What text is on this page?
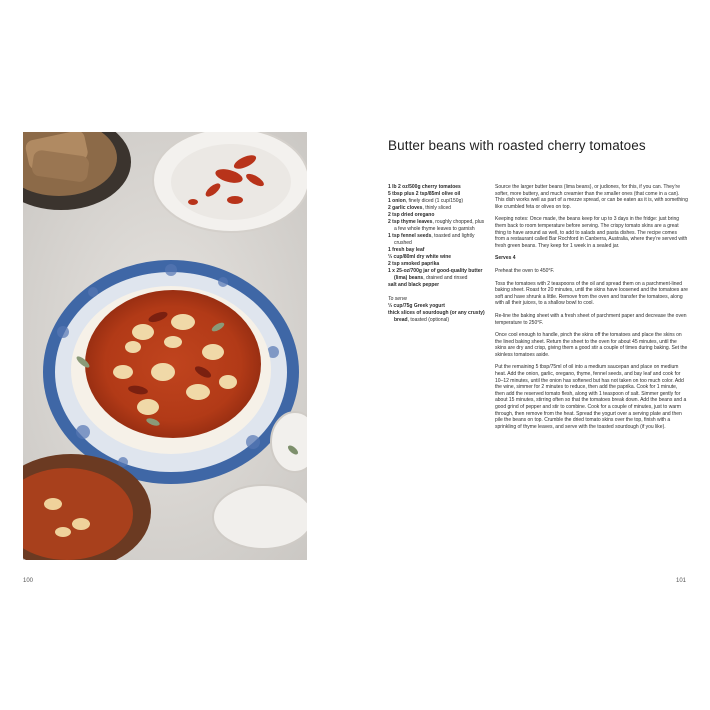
100
Butter beans with roasted cherry tomatoes
1 lb 2 oz/500g cherry tomatoes
5 tbsp plus 2 tsp/85ml olive oil
1 onion, finely diced (1 cup/150g)
2 garlic cloves, thinly sliced
2 tsp dried oregano
2 tsp thyme leaves, roughly chopped, plus a few whole thyme leaves to garnish
1 tsp fennel seeds, toasted and lightly crushed
1 fresh bay leaf
⅓ cup/80ml dry white wine
2 tsp smoked paprika
1 x 25-oz/700g jar of good-quality butter (lima) beans, drained and rinsed
salt and black pepper
To serve
⅓ cup/75g Greek yogurt
thick slices of sourdough (or any crusty) bread, toasted (optional)

Source the larger butter beans (lima beans), or judiones, for this, if you can. They’re softer, more buttery, and much creamier than the smaller ones (that come in a can). This dish works well as part of a mezze spread, or can be eaten as it is, with something like crumbled feta or olives on top.

Keeping notes: Once made, the beans keep for up to 3 days in the fridge: just bring them back to room temperature before serving. The crispy tomato skins are a great thing to have around as well, to add to salads and pasta dishes. The recipe comes from a restaurant called Bar Rochford in Canberra, Australia, where they’re served with fresh green beans. They keep for 1 week in a sealed jar.

Serves 4

Preheat the oven to 450°F.

Toss the tomatoes with 2 teaspoons of the oil and spread them on a parchment-lined baking sheet. Roast for 20 minutes, until the skins have loosened and the tomatoes are soft and have shrunk a little. Remove from the oven and transfer the tomatoes, along with all their juices, to a shallow bowl to cool.

Re-line the baking sheet with a fresh sheet of parchment paper and decrease the oven temperature to 250°F.

Once cool enough to handle, pinch the skins off the tomatoes and place the skins on the lined baking sheet. Return the sheet to the oven for about 45 minutes, until the skins are dry and crisp, giving them a good stir a couple of times during baking. Set the skinless tomatoes aside.

Put the remaining 5 tbsp/75ml of oil into a medium saucepan and place on medium heat. Add the onion, garlic, oregano, thyme, fennel seeds, and bay leaf and cook for 10–12 minutes, until the onion has softened but has not taken on too much color. Add the wine, simmer for 2 minutes to reduce, then add the paprika. Cook for 1 minute, then add the reserved tomato flesh, along with 1 teaspoon of salt. Simmer gently for about 15 minutes, stirring often so that the tomatoes break down. Add the beans and a good grind of pepper and stir to combine. Cook for a couple of minutes, just to warm through, then remove from the heat. Spread the yogurt over a serving plate and then pile the beans on top. Crumble the dried tomato skins over the top, finish with a sprinkling of thyme leaves, and serve with the toasted sourdough (if you like).

101
